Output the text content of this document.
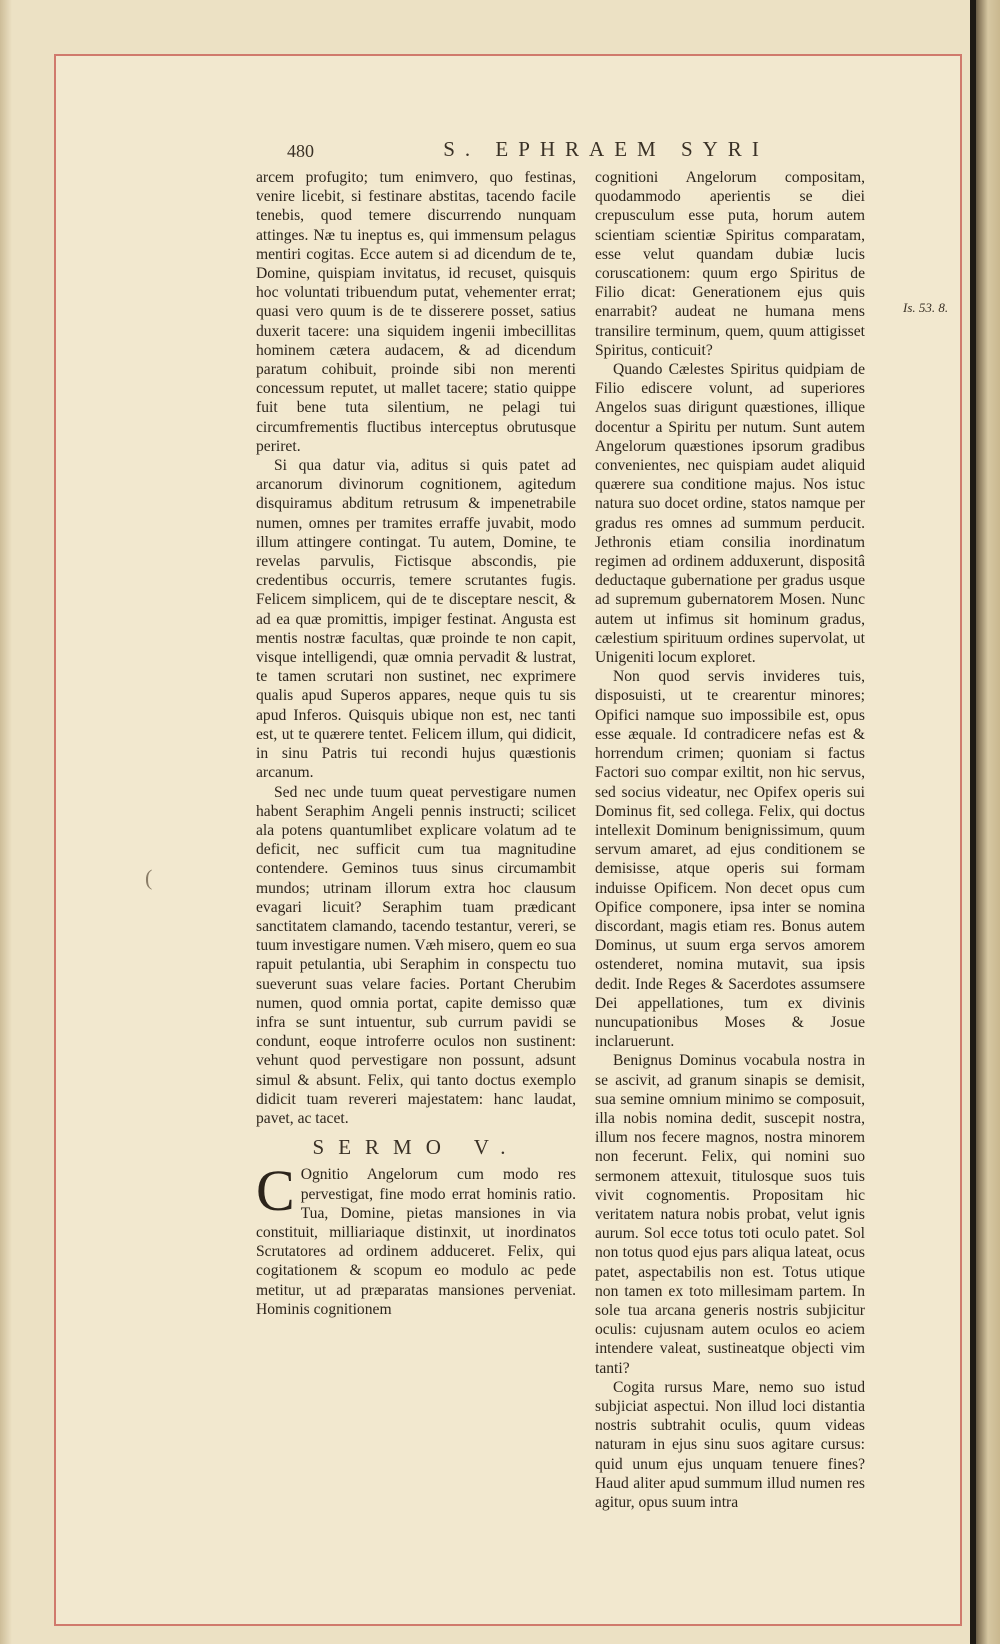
480	S. EPHRAEM SYRI
(

arcem profugito; tum enimvero, quo festinas, venire licebit, si festinare abstitas, tacendo facile tenebis, quod temere discurrendo nunquam attinges. Næ tu ineptus es, qui immensum pelagus mentiri cogitas. Ecce autem si ad dicendum de te, Domine, quispiam invitatus, id recuset, quisquis hoc voluntati tribuendum putat, vehementer errat; quasi vero quum is de te disserere posset, satius duxerit tacere: una siquidem ingenii imbecillitas hominem cætera audacem, & ad dicendum paratum cohibuit, proinde sibi non merenti concessum reputet, ut mallet tacere; statio quippe fuit bene tuta silentium, ne pelagi tui circumfrementis fluctibus interceptus obrutusque periret.

Si qua datur via, aditus si quis patet ad arcanorum divinorum cognitionem, agitedum disquiramus abditum retrusum & impenetrabile numen, omnes per tramites erraffe juvabit, modo illum attingere contingat. Tu autem, Domine, te revelas parvulis, Fictisque abscondis, pie credentibus occurris, temere scrutantes fugis. Felicem simplicem, qui de te disceptare nescit, & ad ea quæ promittis, impiger festinat. Angusta est mentis nostræ facultas, quæ proinde te non capit, visque intelligendi, quæ omnia pervadit & lustrat, te tamen scrutari non sustinet, nec exprimere qualis apud Superos appares, neque quis tu sis apud Inferos. Quisquis ubique non est, nec tanti est, ut te quærere tentet. Felicem illum, qui didicit, in sinu Patris tui recondi hujus quæstionis arcanum.

Sed nec unde tuum queat pervestigare numen habent Seraphim Angeli pennis instructi; scilicet ala potens quantumlibet explicare volatum ad te deficit, nec sufficit cum tua magnitudine contendere. Geminos tuus sinus circumambit mundos; utrinam illorum extra hoc clausum evagari licuit? Seraphim tuam prædicant sanctitatem clamando, tacendo testantur, vereri, se tuum investigare numen. Væh misero, quem eo sua rapuit petulantia, ubi Seraphim in conspectu tuo sueverunt suas velare facies. Portant Cherubim numen, quod omnia portat, capite demisso quæ infra se sunt intuentur, sub currum pavidi se condunt, eoque introferre oculos non sustinent: vehunt quod pervestigare non possunt, adsunt simul & absunt. Felix, qui tanto doctus exemplo didicit tuam revereri majestatem: hanc laudat, pavet, ac tacet.

SERMO V.

C Ognitio Angelorum cum modo res pervestigat, fine modo errat hominis ratio. Tua, Domine, pietas mansiones in via constituit, milliariaque distinxit, ut inordinatos Scrutatores ad ordinem adduceret. Felix, qui cogitationem & scopum eo modulo ac pede metitur, ut ad præparatas mansiones perveniat. Hominis cognitionem

cognitioni Angelorum compositam, quodammodo aperientis se diei crepusculum esse puta, horum autem scientiam scientiæ Spiritus comparatam, esse velut quandam dubiæ lucis coruscationem: quum ergo Spiritus de Filio dicat: Generationem ejus quis enarrabit? audeat ne humana mens transilire terminum, quem, quum attigisset Spiritus, conticuit?

Quando Cælestes Spiritus quidpiam de Filio ediscere volunt, ad superiores Angelos suas dirigunt quæstiones, illique docentur a Spiritu per nutum. Sunt autem Angelorum quæstiones ipsorum gradibus convenientes, nec quispiam audet aliquid quærere sua conditione majus. Nos istuc natura suo docet ordine, statos namque per gradus res omnes ad summum perducit. Jethronis etiam consilia inordinatum regimen ad ordinem adduxerunt, dispositâ deductaque gubernatione per gradus usque ad supremum gubernatorem Mosen. Nunc autem ut infimus sit hominum gradus, cælestium spirituum ordines supervolat, ut Unigeniti locum exploret.

Non quod servis invideres tuis, disposuisti, ut te crearentur minores; Opifici namque suo impossibile est, opus esse æquale. Id contradicere nefas est & horrendum crimen; quoniam si factus Factori suo compar exiltit, non hic servus, sed socius videatur, nec Opifex operis sui Dominus fit, sed collega. Felix, qui doctus intellexit Dominum benignissimum, quum servum amaret, ad ejus conditionem se demisisse, atque operis sui formam induisse Opificem. Non decet opus cum Opifice componere, ipsa inter se nomina discordant, magis etiam res. Bonus autem Dominus, ut suum erga servos amorem ostenderet, nomina mutavit, sua ipsis dedit. Inde Reges & Sacerdotes assumsere Dei appellationes, tum ex divinis nuncupationibus Moses & Josue inclaruerunt.

Benignus Dominus vocabula nostra in se ascivit, ad granum sinapis se demisit, sua semine omnium minimo se composuit, illa nobis nomina dedit, suscepit nostra, illum nos fecere magnos, nostra minorem non fecerunt. Felix, qui nomini suo sermonem attexuit, titulosque suos tuis vivit cognomentis. Propositam hic veritatem natura nobis probat, velut ignis aurum. Sol ecce totus toti oculo patet. Sol non totus quod ejus pars aliqua lateat, ocus patet, aspectabilis non est. Totus utique non tamen ex toto millesimam partem. In sole tua arcana generis nostris subjicitur oculis: cujusnam autem oculos eo aciem intendere valeat, sustineatque objecti vim tanti?

Cogita rursus Mare, nemo suo istud subjiciat aspectui. Non illud loci distantia nostris subtrahit oculis, quum videas naturam in ejus sinu suos agitare cursus: quid unum ejus unquam tenuere fines? Haud aliter apud summum illud numen res agitur, opus suum intra

Is. 53. 8.
